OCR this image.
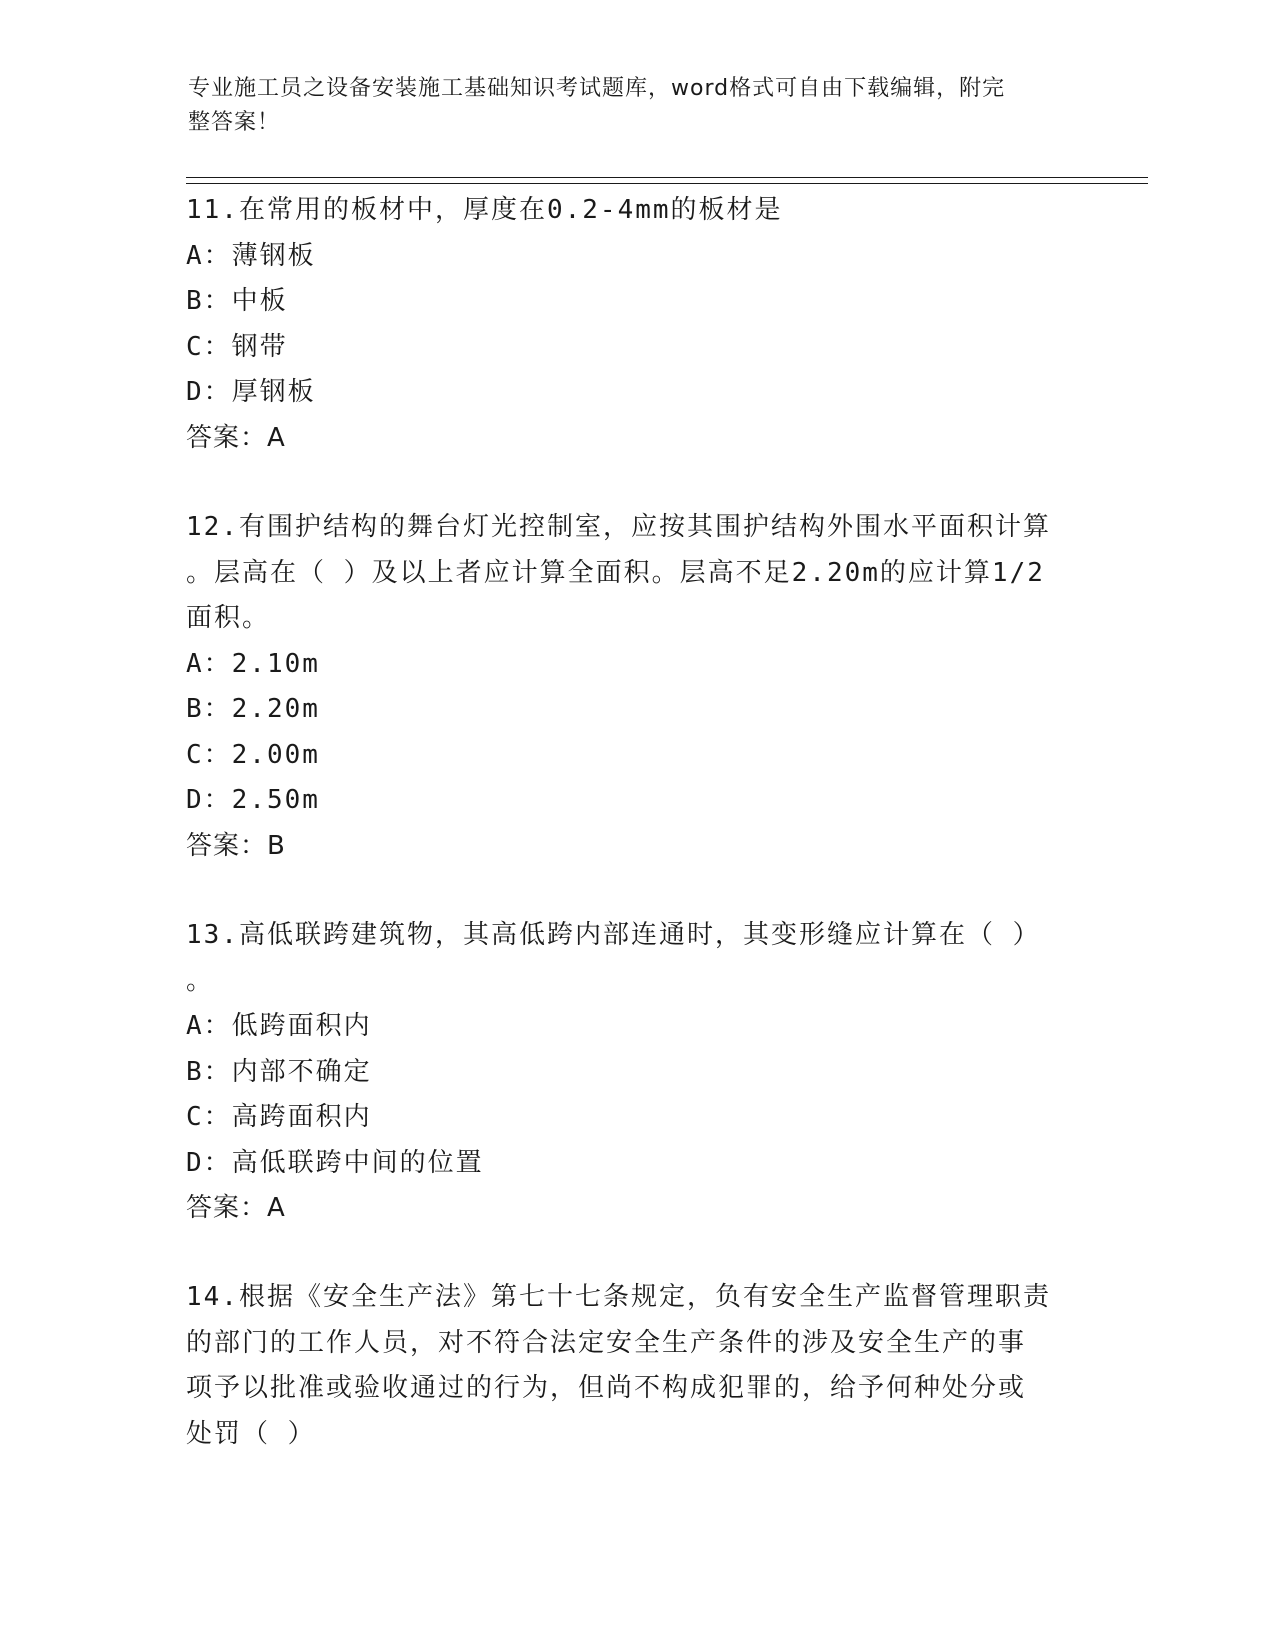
专业施工员之设备安装施工基础知识考试题库，word格式可自由下载编辑，附完
整答案！

11.在常用的板材中，厚度在0.2-4mm的板材是

A：薄钢板

B：中板

C：钢带

D：厚钢板

答案：A

12.有围护结构的舞台灯光控制室，应按其围护结构外围水平面积计算

。层高在（ ）及以上者应计算全面积。层高不足2.20m的应计算1/2

面积。

A：2.10m

B：2.20m

C：2.00m

D：2.50m

答案：B

13.高低联跨建筑物，其高低跨内部连通时，其变形缝应计算在（ ）

。

A：低跨面积内

B：内部不确定

C：高跨面积内

D：高低联跨中间的位置

答案：A

14.根据《安全生产法》第七十七条规定，负有安全生产监督管理职责

的部门的工作人员，对不符合法定安全生产条件的涉及安全生产的事

项予以批准或验收通过的行为，但尚不构成犯罪的，给予何种处分或

处罚（ ）
